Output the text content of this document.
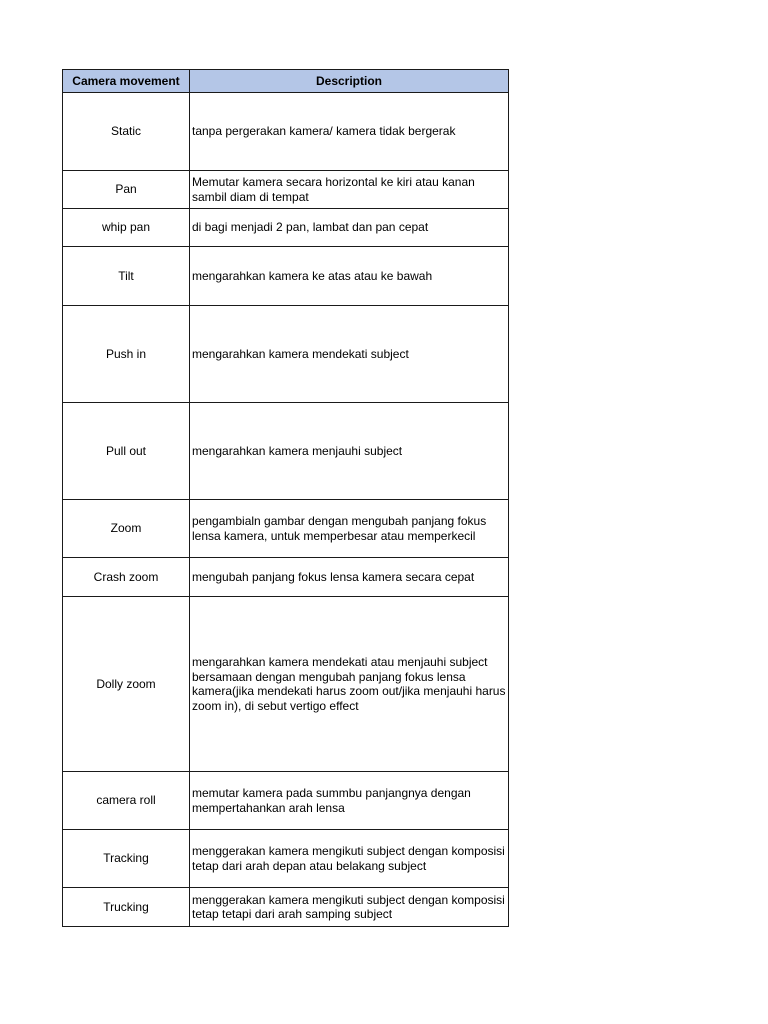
Camera movement	Description
Static	tanpa pergerakan kamera/ kamera tidak bergerak
Pan	Memutar kamera secara horizontal ke kiri atau kanan sambil diam di tempat
whip pan	di bagi menjadi 2 pan, lambat dan pan cepat
Tilt	mengarahkan kamera ke atas atau ke bawah
Push in	mengarahkan kamera mendekati subject
Pull out	mengarahkan kamera menjauhi subject
Zoom	pengambialn gambar dengan mengubah panjang fokus lensa kamera, untuk memperbesar atau memperkecil
Crash zoom	mengubah panjang fokus lensa kamera secara cepat
Dolly zoom	mengarahkan kamera mendekati atau menjauhi subject bersamaan dengan mengubah panjang fokus lensa kamera(jika mendekati harus zoom out/jika menjauhi harus zoom in), di sebut vertigo effect
camera roll	memutar kamera pada summbu panjangnya dengan mempertahankan arah lensa
Tracking	menggerakan kamera mengikuti subject dengan komposisi tetap dari arah depan atau belakang subject
Trucking	menggerakan kamera mengikuti subject dengan komposisi tetap tetapi dari arah samping subject
